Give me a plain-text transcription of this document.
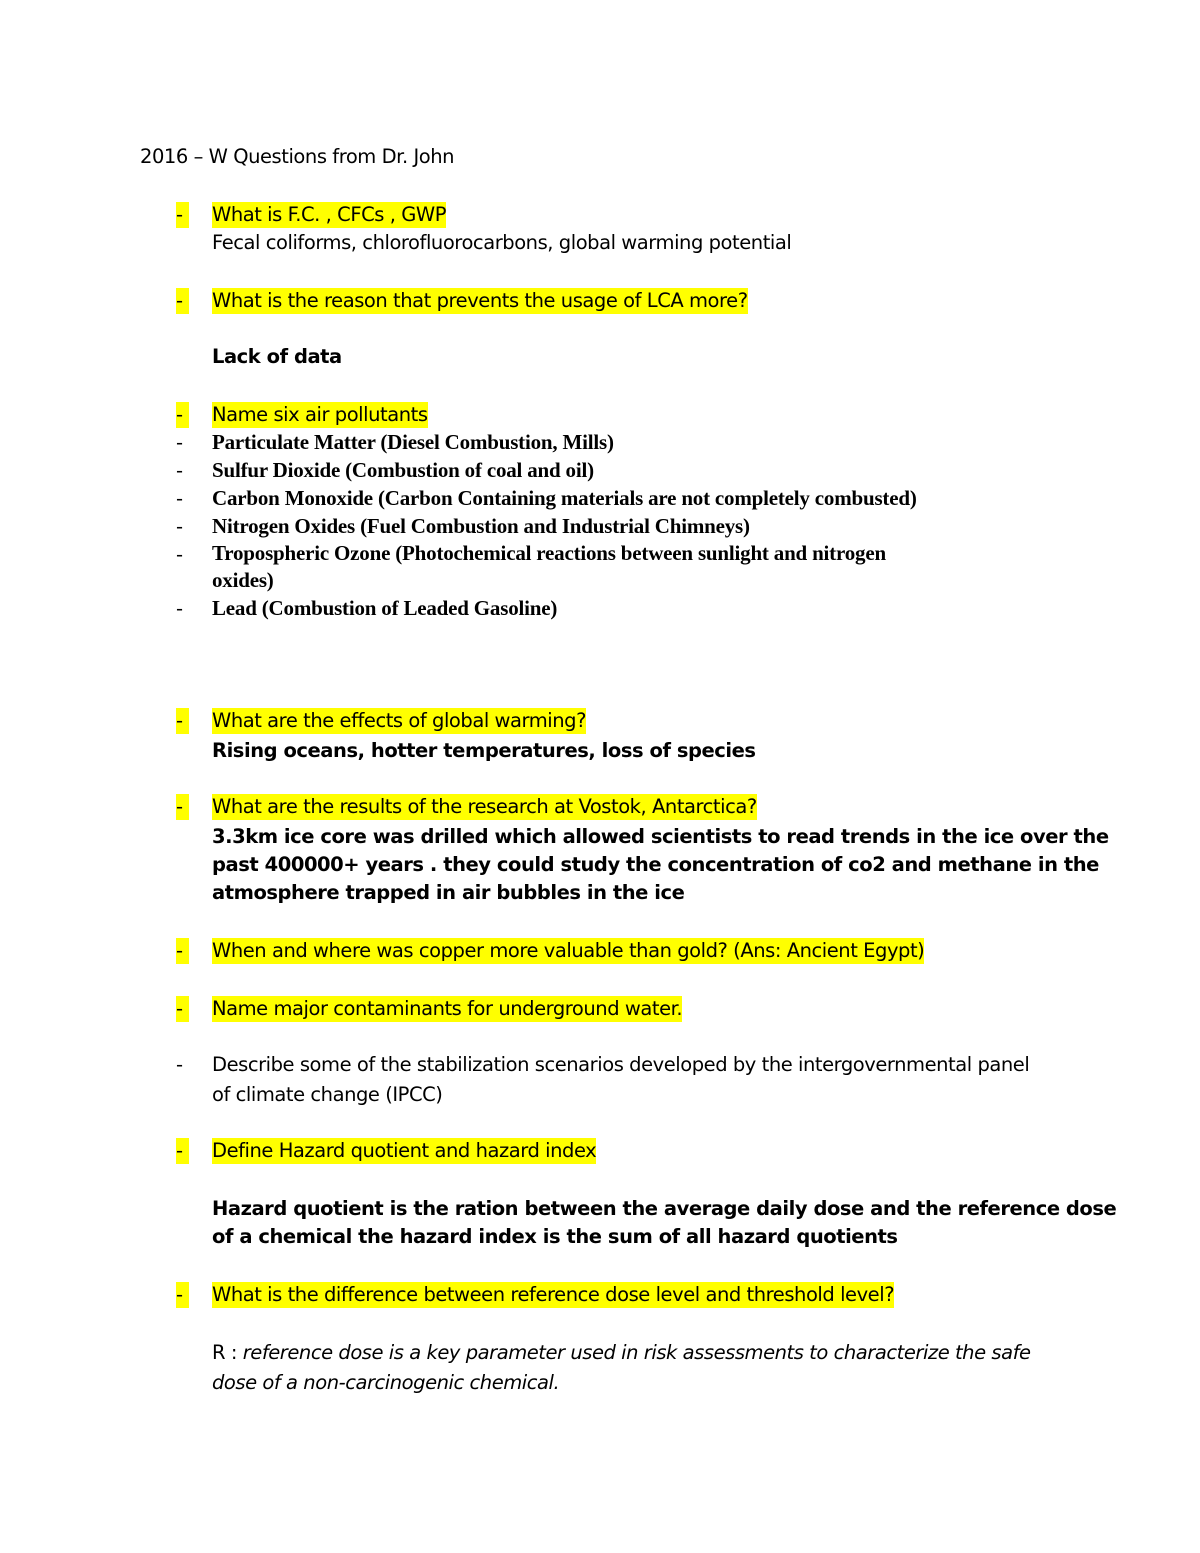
2016 – W Questions from Dr. John
-	What is F.C. , CFCs , GWP
Fecal coliforms, chlorofluorocarbons, global warming potential
-	What is the reason that prevents the usage of LCA more?
Lack of data
-	Name six air pollutants
- Particulate Matter (Diesel Combustion, Mills)
- Sulfur Dioxide (Combustion of coal and oil)
- Carbon Monoxide (Carbon Containing materials are not completely combusted)
- Nitrogen Oxides (Fuel Combustion and Industrial Chimneys)
- Tropospheric Ozone (Photochemical reactions between sunlight and nitrogen
oxides)
- Lead (Combustion of Leaded Gasoline)
-	What are the effects of global warming?
Rising oceans, hotter temperatures, loss of species
-	What are the results of the research at Vostok, Antarctica?
3.3km ice core was drilled which allowed scientists to read trends in the ice over the
past 400000+ years . they could study the concentration of co2 and methane in the
atmosphere trapped in air bubbles in the ice
-	When and where was copper more valuable than gold? (Ans: Ancient Egypt)
-	Name major contaminants for underground water.
- Describe some of the stabilization scenarios developed by the intergovernmental panel
of climate change (IPCC)
-	Define Hazard quotient and hazard index
Hazard quotient is the ration between the average daily dose and the reference dose
of a chemical the hazard index is the sum of all hazard quotients
-	What is the difference between reference dose level and threshold level?
R : reference dose is a key parameter used in risk assessments to characterize the safe
dose of a non-carcinogenic chemical.
